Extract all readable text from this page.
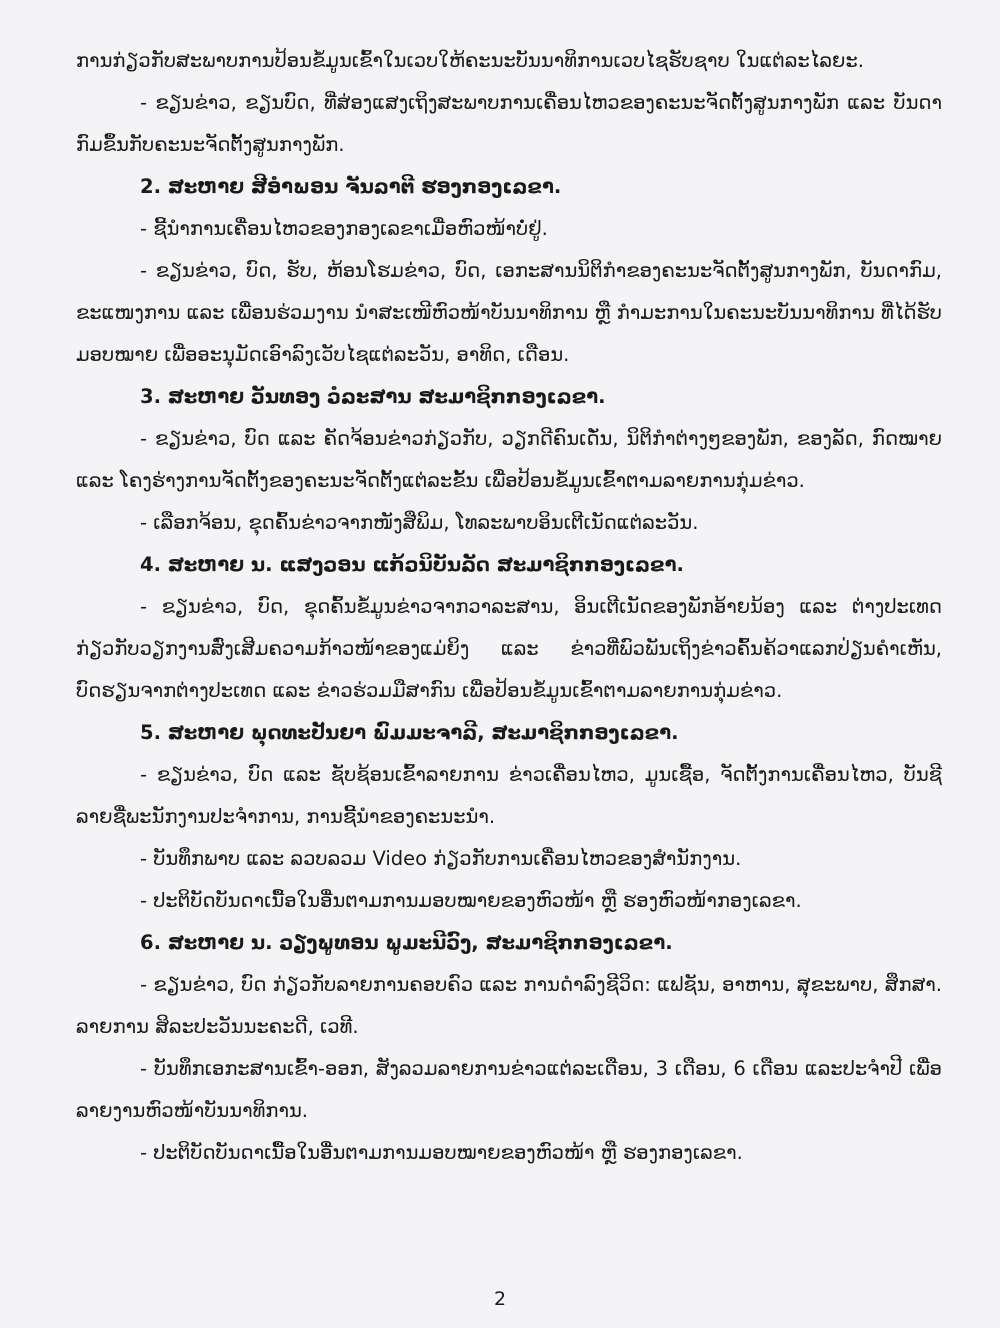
ການກ່ຽວກັບສະພາບການປ້ອນຂໍ້ມູນເຂົ້າໃນເວບໃຫ້ຄະນະບັນນາທິການເວບໄຊຮັບຊາບ ໃນແຕ່ລະໄລຍະ.

- ຂຽນຂ່າວ, ຂຽນບົດ, ທີ່ສ່ອງແສງເຖິງສະພາບການເຄື່ອນໄຫວຂອງຄະນະຈັດຕັ້ງສູນກາງພັກ ແລະ ບັນດາກົມຂຶ້ນກັບຄະນະຈັດຕັ້ງສູນກາງພັກ.

2. ສະຫາຍ ສີອຳພອນ ຈັນລາຕີ ຮອງກອງເລຂາ.

- ຊີ້ນຳການເຄື່ອນໄຫວຂອງກອງເລຂາເມື່ອຫົວໜ້າບໍ່ຢູ່.

- ຂຽນຂ່າວ, ບົດ, ຮັບ, ຫ້ອນໂຮມຂ່າວ, ບົດ, ເອກະສານນິຕິກຳຂອງຄະນະຈັດຕັ້ງສູນກາງພັກ, ບັນດາກົມ, ຂະແໜງການ ແລະ ເພື່ອນຮ່ວມງານ ນຳສະເໜີຫົວໜ້າບັນນາທິການ ຫຼື ກຳມະການໃນຄະນະບັນນາທິການ ທີ່ໄດ້ຮັບມອບໝາຍ ເພື່ອອະນຸມັດເອົາລົງເວັບໄຊແຕ່ລະວັນ, ອາທິດ, ເດືອນ.

3. ສະຫາຍ ວັນທອງ ວໍລະສານ ສະມາຊິກກອງເລຂາ.

- ຂຽນຂ່າວ, ບົດ ແລະ ຄັດຈ້ອນຂ່າວກ່ຽວກັບ, ວຽກດີຄົນເດັ່ນ, ນິຕິກຳຕ່າງໆຂອງພັກ, ຂອງລັດ, ກົດໝາຍ ແລະ ໂຄງຮ່າງການຈັດຕັ້ງຂອງຄະນະຈັດຕັ້ງແຕ່ລະຂັ້ນ ເພື່ອປ້ອນຂໍ້ມູນເຂົ້າຕາມລາຍການກຸ່ມຂ່າວ.

- ເລືອກຈ້ອນ, ຂຸດຄົ້ນຂ່າວຈາກໜັງສືພິມ, ໂທລະພາບອິນເຕີເນັດແຕ່ລະວັນ.

4. ສະຫາຍ ນ. ແສງວອນ ແກ້ວນິບັນລັດ ສະມາຊິກກອງເລຂາ.

- ຂຽນຂ່າວ, ບົດ, ຂຸດຄົ້ນຂໍ້ມູນຂ່າວຈາກວາລະສານ, ອິນເຕີເນັດຂອງພັກອ້າຍນ້ອງ ແລະ ຕ່າງປະເທດກ່ຽວກັບວຽກງານສົ່ງເສີມຄວາມກ້າວໜ້າຂອງແມ່ຍິງ ແລະ ຂ່າວທີ່ພົວພັນເຖິງຂ່າວຄົ້ນຄ້ວາແລກປ່ຽນຄຳເຫັນ, ບົດຮຽນຈາກຕ່າງປະເທດ ແລະ ຂ່າວຮ່ວມມືສາກົນ ເພື່ອປ້ອນຂໍ້ມູນເຂົ້າຕາມລາຍການກຸ່ມຂ່າວ.

5. ສະຫາຍ ພຸດທະປັນຍາ ພົມມະຈາລີ, ສະມາຊິກກອງເລຂາ.

- ຂຽນຂ່າວ, ບົດ ແລະ ຊັບຊ້ອນເຂົ້າລາຍການ ຂ່າວເຄື່ອນໄຫວ, ມູນເຊື້ອ, ຈັດຕັ້ງການເຄື່ອນໄຫວ, ບັນຊີລາຍຊື່ພະນັກງານປະຈຳການ, ການຊີ້ນຳຂອງຄະນະນຳ.

- ບັນທຶກພາບ ແລະ ລວບລວມ Video ກ່ຽວກັບການເຄື່ອນໄຫວຂອງສຳນັກງານ.

- ປະຕິບັດບັນດາເນື້ອໃນອື່ນຕາມການມອບໝາຍຂອງຫົວໜ້າ ຫຼື ຮອງຫົວໜ້າກອງເລຂາ.

6. ສະຫາຍ ນ. ວຽງພູທອນ ພູມະນີວົງ, ສະມາຊິກກອງເລຂາ.

- ຂຽນຂ່າວ, ບົດ ກ່ຽວກັບລາຍການຄອບຄົວ ແລະ ການດຳລົງຊີວິດ: ແຟຊັນ, ອາຫານ, ສຸຂະພາບ, ສຶກສາ. ລາຍການ ສິລະປະວັນນະຄະດີ, ເວທີ.

- ບັນທຶກເອກະສານເຂົ້າ-ອອກ, ສັງລວມລາຍການຂ່າວແຕ່ລະເດືອນ, 3 ເດືອນ, 6 ເດືອນ ແລະປະຈຳປີ ເພື່ອລາຍງານຫົວໜ້າບັນນາທິການ.

- ປະຕິບັດບັນດາເນື້ອໃນອື່ນຕາມການມອບໝາຍຂອງຫົວໜ້າ ຫຼື ຮອງກອງເລຂາ.

2
